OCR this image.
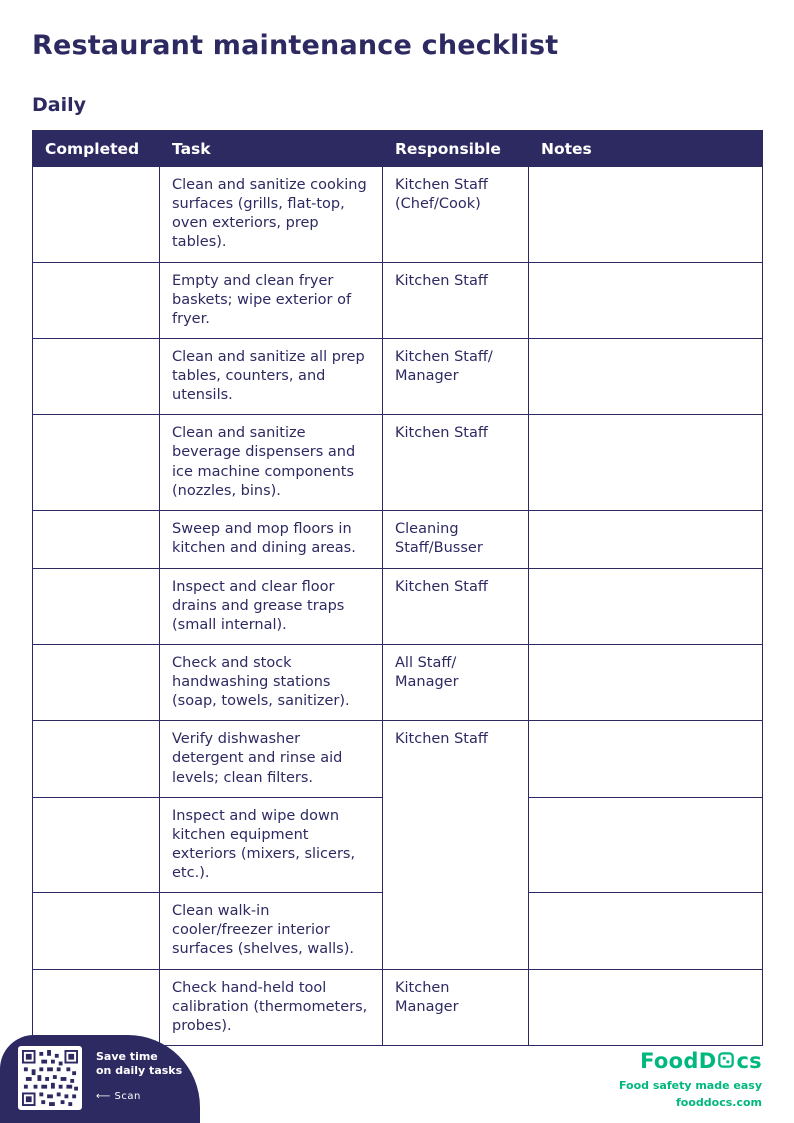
Restaurant maintenance checklist
Daily
Completed	Task	Responsible	Notes
	Clean and sanitize cooking surfaces (grills, flat-top, oven exteriors, prep tables).	Kitchen Staff (Chef/Cook)	
	Empty and clean fryer baskets; wipe exterior of fryer.	Kitchen Staff	
	Clean and sanitize all prep tables, counters, and utensils.	Kitchen Staff/ Manager	
	Clean and sanitize beverage dispensers and ice machine components (nozzles, bins).	Kitchen Staff	
	Sweep and mop floors in kitchen and dining areas.	Cleaning Staff/Busser	
	Inspect and clear floor drains and grease traps (small internal).	Kitchen Staff	
	Check and stock handwashing stations (soap, towels, sanitizer).	All Staff/ Manager	
	Verify dishwasher detergent and rinse aid levels; clean filters.	Kitchen Staff	
	Inspect and wipe down kitchen equipment exteriors (mixers, slicers, etc.).		
	Clean walk-in cooler/freezer interior surfaces (shelves, walls).		
	Check hand-held tool calibration (thermometers, probes).	Kitchen Manager	
Save time
on daily tasks
⟵ Scan
FoodD cs
Food safety made easy
fooddocs.com
